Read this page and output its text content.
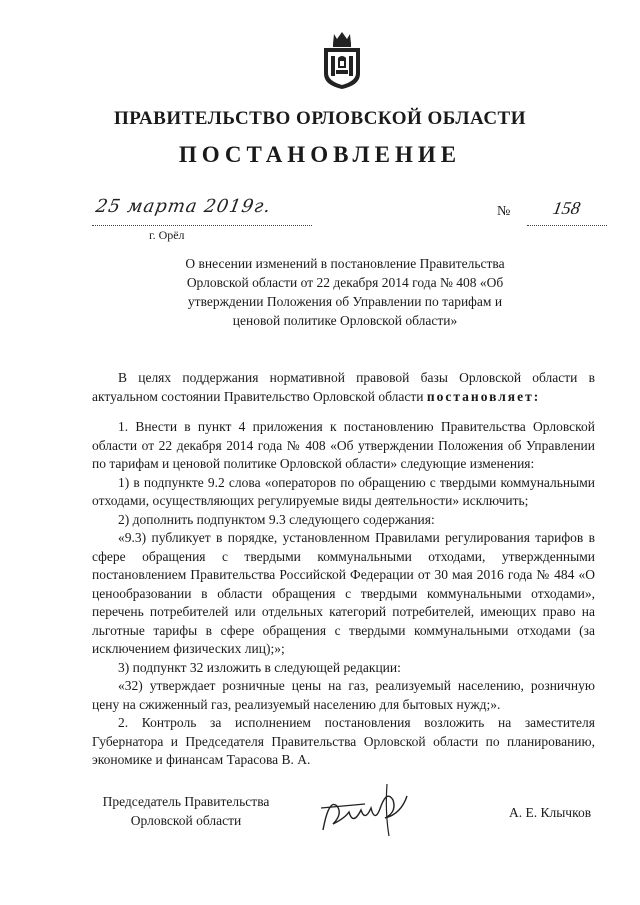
ПРАВИТЕЛЬСТВО ОРЛОВСКОЙ ОБЛАСТИ
ПОСТАНОВЛЕНИЕ
25 марта 2019г.
г. Орёл
№ 158
О внесении изменений в постановление Правительства Орловской области от 22 декабря 2014 года № 408 «Об утверждении Положения об Управлении по тарифам и ценовой политике Орловской области»

В целях поддержания нормативной правовой базы Орловской области в актуальном состоянии Правительство Орловской области постановляет:

1. Внести в пункт 4 приложения к постановлению Правительства Орловской области от 22 декабря 2014 года № 408 «Об утверждении Положения об Управлении по тарифам и ценовой политике Орловской области» следующие изменения:

1) в подпункте 9.2 слова «операторов по обращению с твердыми коммунальными отходами, осуществляющих регулируемые виды деятельности» исключить;

2) дополнить подпунктом 9.3 следующего содержания:

«9.3) публикует в порядке, установленном Правилами регулирования тарифов в сфере обращения с твердыми коммунальными отходами, утвержденными постановлением Правительства Российской Федерации от 30 мая 2016 года № 484 «О ценообразовании в области обращения с твердыми коммунальными отходами», перечень потребителей или отдельных категорий потребителей, имеющих право на льготные тарифы в сфере обращения с твердыми коммунальными отходами (за исключением физических лиц);»;

3) подпункт 32 изложить в следующей редакции:

«32) утверждает розничные цены на газ, реализуемый населению, розничную цену на сжиженный газ, реализуемый населению для бытовых нужд;».

2. Контроль за исполнением постановления возложить на заместителя Губернатора и Председателя Правительства Орловской области по планированию, экономике и финансам Тарасова В. А.

Председатель Правительства
Орловской области
А. Е. Клычков
